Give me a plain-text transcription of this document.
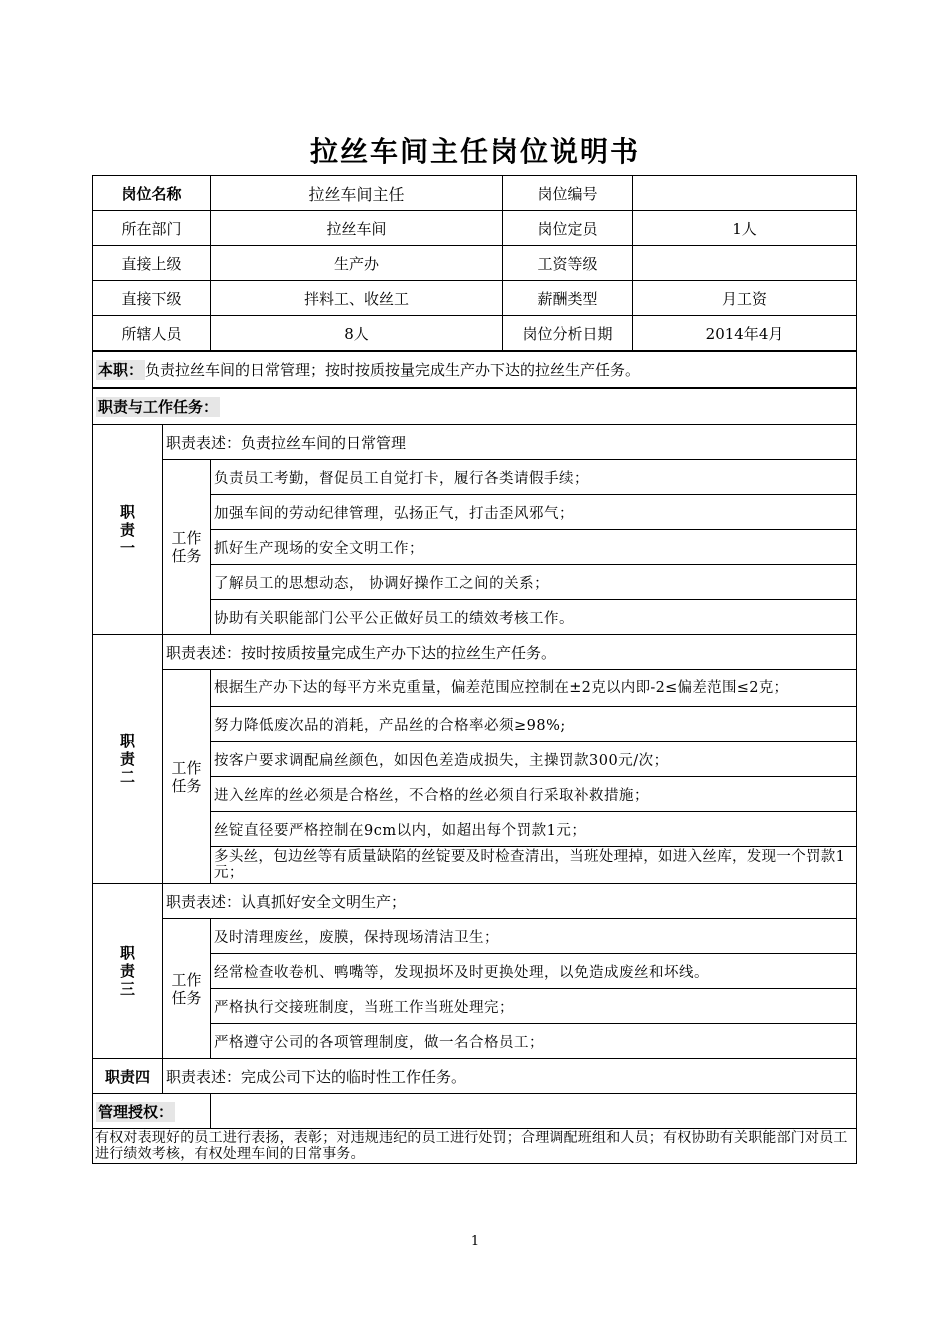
拉丝车间主任岗位说明书
岗位名称		拉丝车间主任	岗位编号	
所在部门		拉丝车间	岗位定员	1人
直接上级		生产办	工资等级	
直接下级		拌料工、收丝工	薪酬类型	月工资
所辖人员		8人	岗位分析日期	2014年4月
本职： 负责拉丝车间的日常管理；按时按质按量完成生产办下达的拉丝生产任务。				
职责与工作任务：				
职责一	职责表述：负责拉丝车间的日常管理			
	工作任务	负责员工考勤，督促员工自觉打卡，履行各类请假手续；		
		加强车间的劳动纪律管理，弘扬正气，打击歪风邪气；		
		抓好生产现场的安全文明工作；		
		了解员工的思想动态， 协调好操作工之间的关系；		
		协助有关职能部门公平公正做好员工的绩效考核工作。		
职责二	职责表述：按时按质按量完成生产办下达的拉丝生产任务。			
	工作任务	根据生产办下达的每平方米克重量，偏差范围应控制在±2克以内即-2≤偏差范围≤2克；		
		努力降低废次品的消耗，产品丝的合格率必须≥98%;		
		按客户要求调配扁丝颜色，如因色差造成损失，主操罚款300元/次；		
		进入丝库的丝必须是合格丝，不合格的丝必须自行采取补救措施；		
		丝锭直径要严格控制在9cm以内，如超出每个罚款1元；		
		多头丝，包边丝等有质量缺陷的丝锭要及时检查清出，当班处理掉，如进入丝库，发现一个罚款1元；		
职责三	职责表述：认真抓好安全文明生产；			
	工作任务	及时清理废丝，废膜，保持现场清洁卫生；		
		经常检查收卷机、鸭嘴等，发现损坏及时更换处理，以免造成废丝和坏线。		
		严格执行交接班制度，当班工作当班处理完；		
		严格遵守公司的各项管理制度，做一名合格员工；		
职责四	职责表述：完成公司下达的临时性工作任务。			
管理授权：				
有权对表现好的员工进行表扬，表彰；对违规违纪的员工进行处罚；合理调配班组和人员；有权协助有关职能部门对员工进行绩效考核，有权处理车间的日常事务。				
1
